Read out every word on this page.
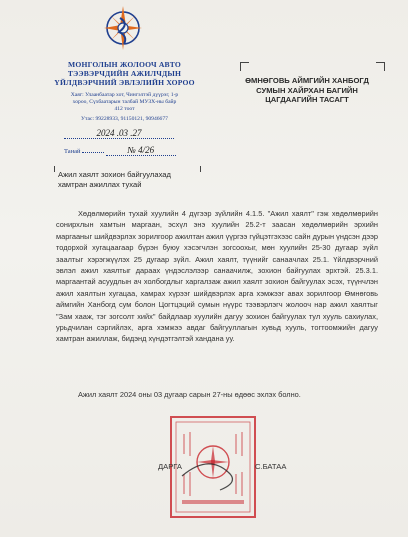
МОНГОЛЫН ЖОЛООЧ АВТО
ТЭЭВЭРЧДИЙН АЖИЛЧДЫН
ҮЙЛДВЭРЧНИЙ ЭВЛЭЛИЙН ХОРОО
Хаяг: Улаанбаатар хот, Чингэлтэй дүүрэг, 1-р
хороо, Сүхбаатарын талбай МУЗХ-ны байр
412 тоот
Утас: 99228933, 91150121, 90946677
2024 .03 .27
Танай	№ 4/26
ӨМНӨГОВЬ АЙМГИЙН ХАНБОГД
СУМЫН ХАЙРХАН БАГИЙН
ЦАГДААГИЙН ТАСАГТ
Ажил хаялт зохион байгуулахад
хамтран ажиллах тухай

Хөдөлмөрийн тухай хуулийн 4 дүгээр зүйлийн 4.1.5. "Ажил хаялт" гэж хөдөлмөрийн сонирхлын хамтын маргаан, эсхүл энэ хуулийн 25.2-т заасан хөдөлмөрийн эрхийн маргааныг шийдвэрлэх зорилгоор ажилтан ажил үүргээ гүйцэтгэхээс сайн дурын үндсэн дээр тодорхой хугацаагаар бүрэн буюу хэсэгчлэн зогсоохыг, мөн хуулийн 25-30 дугаар зүйл заалтыг хэрэгжүүлэх 25 дугаар зүйл. Ажил хаялт, түүнийг санаачлах 25.1. Үйлдвэрчний эвлэл ажил хаялтыг дараах үндэслэлээр санаачилж, зохион байгуулах эрхтэй. 25.3.1. маргаантай асуудлын ач холбогдлыг харгалзаж ажил хаялт зохион байгуулах эсэх, түүнчлэн ажил хаялтын хугацаа, хамрах хүрээг шийдвэрлэх арга хэмжээг авах зорилгоор Өмнөговь аймгийн Ханбогд сум болон Цогтцэций сумын нүүрс тээвэрлэгч жолооч нар ажил хаялтыг "Зам хааж, тэг зогсолт хийх" байдлаар хуулийн дагуу зохион байгуулах тул хууль сахиулах, урьдчилан сэргийлэх, арга хэмжээ авдаг байгууллагын хувьд хууль, тогтоомжийн дагуу хамтран ажиллаж, бидэнд хүндэтгэлтэй хандана уу.

Ажил хаялт 2024 оны 03 дугаар сарын 27-ны өдөөс эхлэх болно.
ДАРГА	С.БАТАА
